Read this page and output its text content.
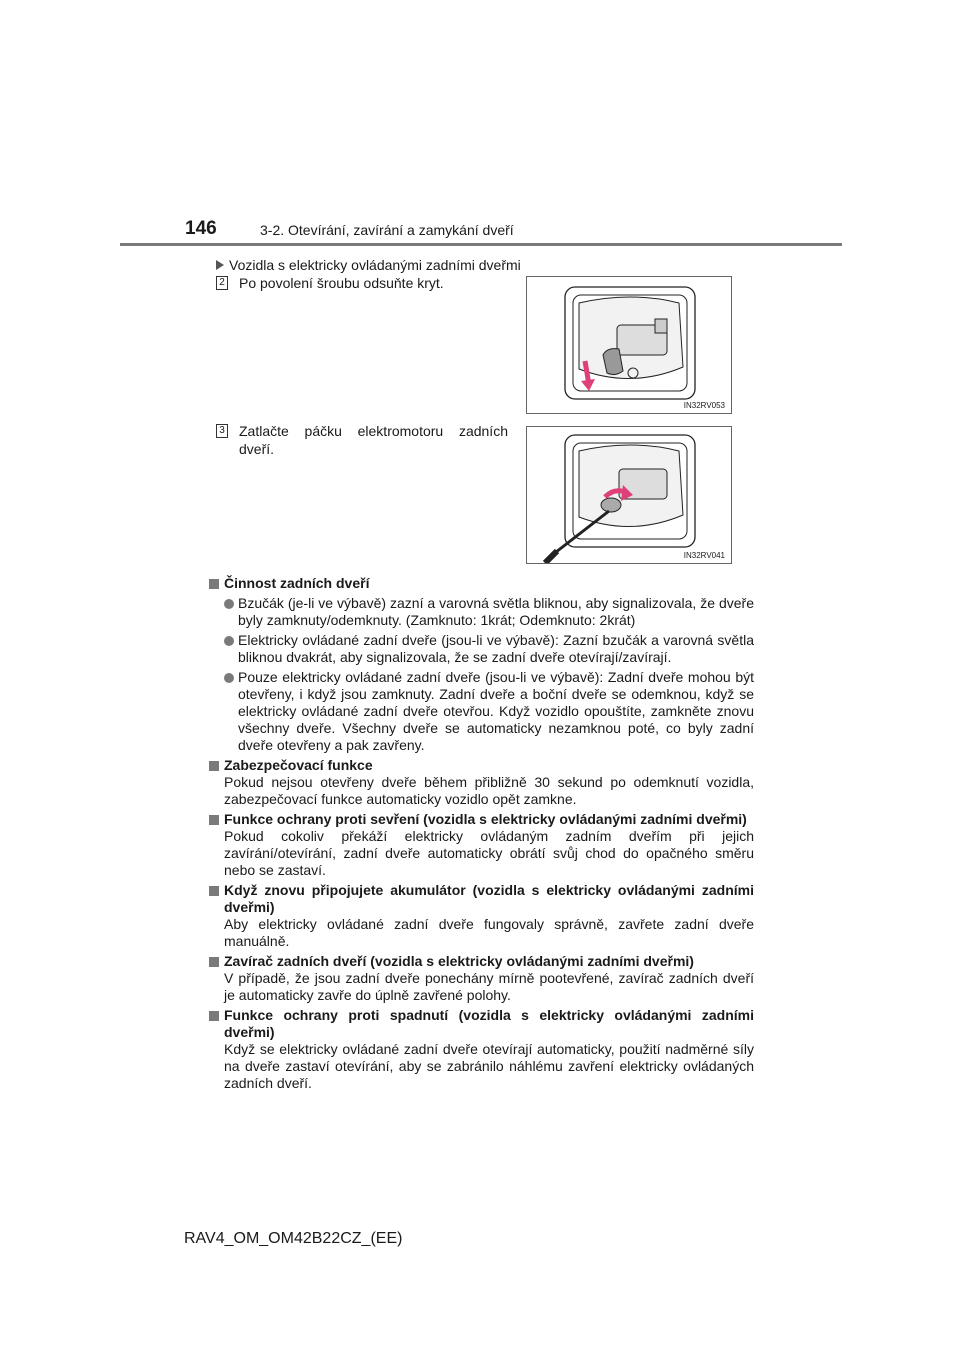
146	3-2. Otevírání, zavírání a zamykání dveří
Vozidla s elektricky ovládanými zadními dveřmi
2 Po povolení šroubu odsuňte kryt.
IN32RV053
3 Zatlačte páčku elektromotoru zadních dveří.
IN32RV041
Činnost zadních dveří
Bzučák (je-li ve výbavě) zazní a varovná světla bliknou, aby signalizovala, že dveře byly zamknuty/odemknuty. (Zamknuto: 1krát; Odemknuto: 2krát)
Elektricky ovládané zadní dveře (jsou-li ve výbavě): Zazní bzučák a varovná světla bliknou dvakrát, aby signalizovala, že se zadní dveře otevírají/zavírají.
Pouze elektricky ovládané zadní dveře (jsou-li ve výbavě): Zadní dveře mohou být otevřeny, i když jsou zamknuty. Zadní dveře a boční dveře se odemknou, když se elektricky ovládané zadní dveře otevřou. Když vozidlo opouštíte, zamkněte znovu všechny dveře. Všechny dveře se automaticky nezamknou poté, co byly zadní dveře otevřeny a pak zavřeny.
Zabezpečovací funkce
Pokud nejsou otevřeny dveře během přibližně 30 sekund po odemknutí vozidla, zabezpečovací funkce automaticky vozidlo opět zamkne.
Funkce ochrany proti sevření (vozidla s elektricky ovládanými zadními dveřmi)
Pokud cokoliv překáží elektricky ovládaným zadním dveřím při jejich zavírání/otevírání, zadní dveře automaticky obrátí svůj chod do opačného směru nebo se zastaví.
Když znovu připojujete akumulátor (vozidla s elektricky ovládanými zadními dveřmi)
Aby elektricky ovládané zadní dveře fungovaly správně, zavřete zadní dveře manuálně.
Zavírač zadních dveří (vozidla s elektricky ovládanými zadními dveřmi)
V případě, že jsou zadní dveře ponechány mírně pootevřené, zavírač zadních dveří je automaticky zavře do úplně zavřené polohy.
Funkce ochrany proti spadnutí (vozidla s elektricky ovládanými zadními dveřmi)
Když se elektricky ovládané zadní dveře otevírají automaticky, použití nadměrné síly na dveře zastaví otevírání, aby se zabránilo náhlému zavření elektricky ovládaných zadních dveří.
RAV4_OM_OM42B22CZ_(EE)
